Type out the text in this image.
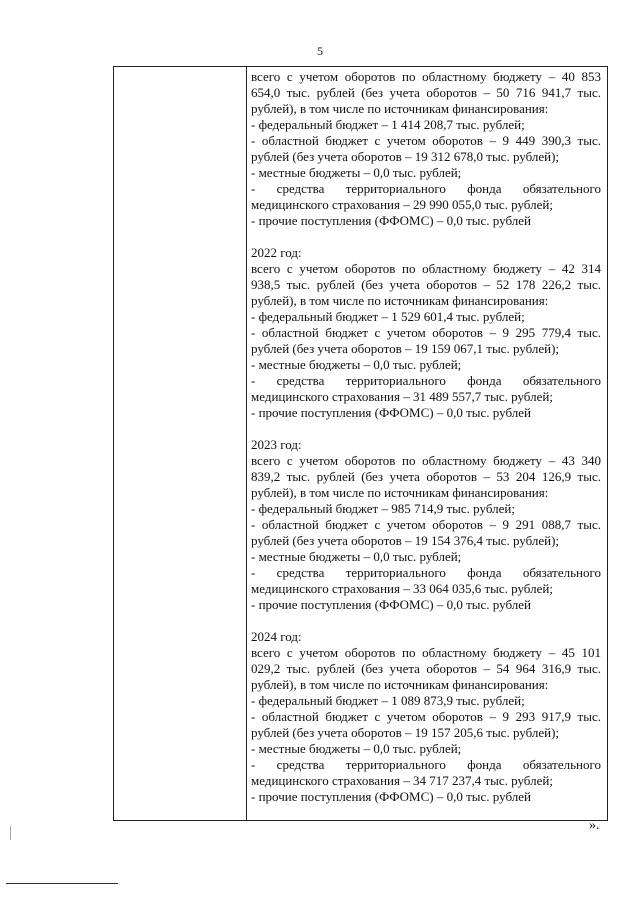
5
всего с учетом оборотов по областному бюджету – 40 853 654,0 тыс. рублей (без учета оборотов – 50 716 941,7 тыс. рублей), в том числе по источникам финансирования:
- федеральный бюджет – 1 414 208,7 тыс. рублей;
- областной бюджет с учетом оборотов – 9 449 390,3 тыс. рублей (без учета оборотов – 19 312 678,0 тыс. рублей);
- местные бюджеты – 0,0 тыс. рублей;
- средства территориального фонда обязательного медицинского страхования – 29 990 055,0 тыс. рублей;
- прочие поступления (ФФОМС) – 0,0 тыс. рублей
2022 год:
всего с учетом оборотов по областному бюджету – 42 314 938,5 тыс. рублей (без учета оборотов – 52 178 226,2 тыс. рублей), в том числе по источникам финансирования:
- федеральный бюджет – 1 529 601,4 тыс. рублей;
- областной бюджет с учетом оборотов – 9 295 779,4 тыс. рублей (без учета оборотов – 19 159 067,1 тыс. рублей);
- местные бюджеты – 0,0 тыс. рублей;
- средства территориального фонда обязательного медицинского страхования – 31 489 557,7 тыс. рублей;
- прочие поступления (ФФОМС) – 0,0 тыс. рублей
2023 год:
всего с учетом оборотов по областному бюджету – 43 340 839,2 тыс. рублей (без учета оборотов – 53 204 126,9 тыс. рублей), в том числе по источникам финансирования:
- федеральный бюджет – 985 714,9 тыс. рублей;
- областной бюджет с учетом оборотов – 9 291 088,7 тыс. рублей (без учета оборотов – 19 154 376,4 тыс. рублей);
- местные бюджеты – 0,0 тыс. рублей;
- средства территориального фонда обязательного медицинского страхования – 33 064 035,6 тыс. рублей;
- прочие поступления (ФФОМС) – 0,0 тыс. рублей
2024 год:
всего с учетом оборотов по областному бюджету – 45 101 029,2 тыс. рублей (без учета оборотов – 54 964 316,9 тыс. рублей), в том числе по источникам финансирования:
- федеральный бюджет – 1 089 873,9 тыс. рублей;
- областной бюджет с учетом оборотов – 9 293 917,9 тыс. рублей (без учета оборотов – 19 157 205,6 тыс. рублей);
- местные бюджеты – 0,0 тыс. рублей;
- средства территориального фонда обязательного медицинского страхования – 34 717 237,4 тыс. рублей;
- прочие поступления (ФФОМС) – 0,0 тыс. рублей
».
